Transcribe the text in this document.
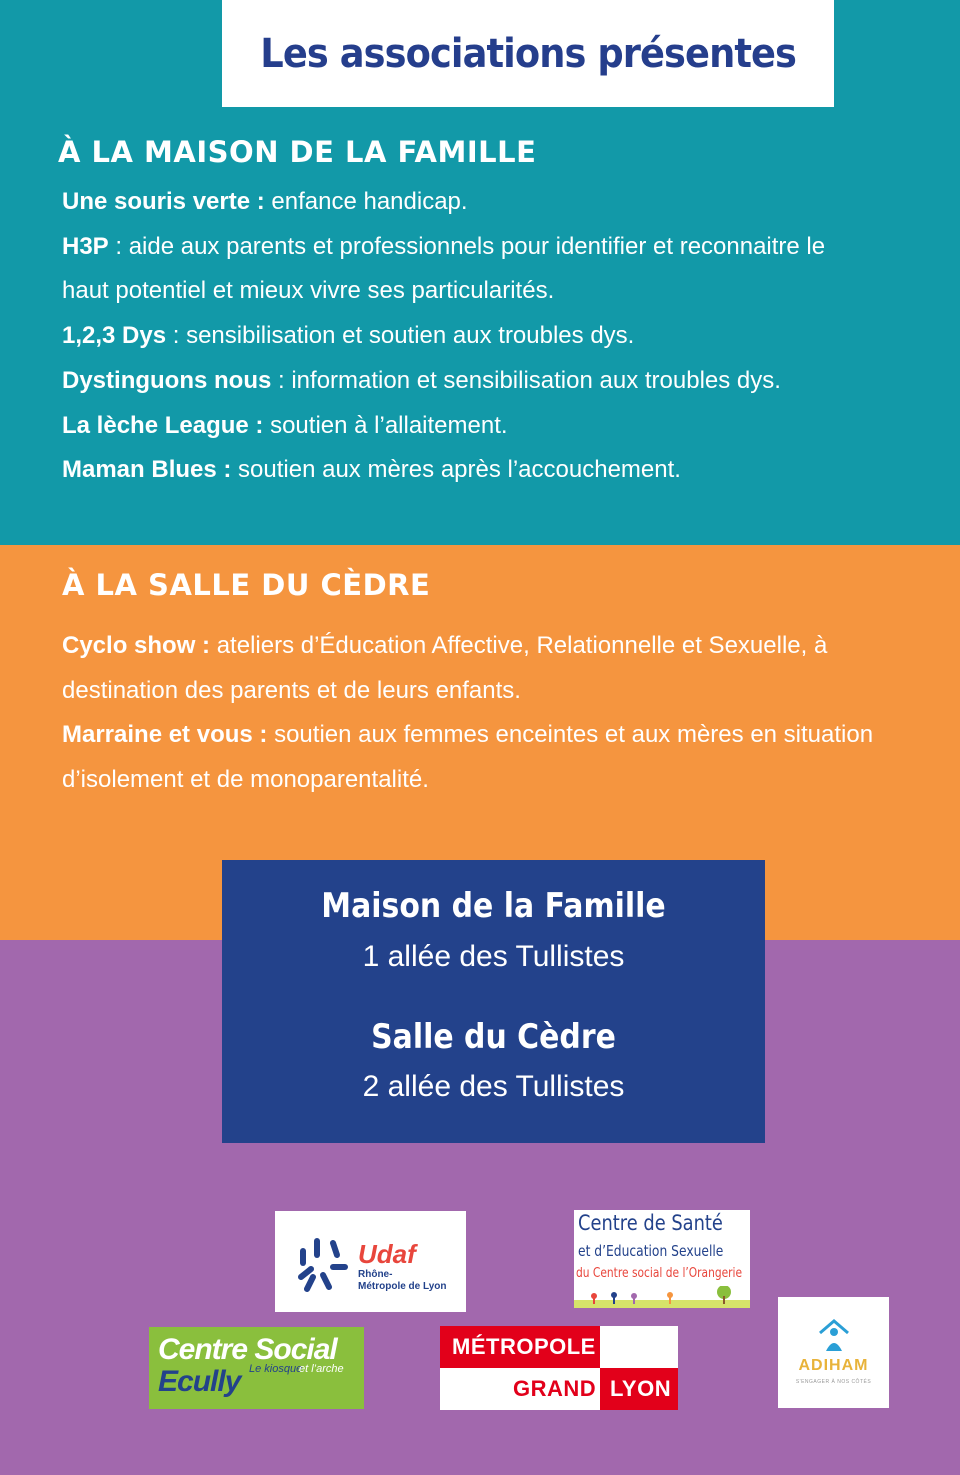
Les associations présentes
À LA MAISON DE LA FAMILLE
Une souris verte : enfance handicap.
H3P : aide aux parents et professionnels pour identifier et reconnaitre le
haut potentiel et mieux vivre ses particularités.
1,2,3 Dys : sensibilisation et soutien aux troubles dys.
Dystinguons nous : information et sensibilisation aux troubles dys.
La lèche League : soutien à l’allaitement.
Maman Blues : soutien aux mères après l’accouchement.
À LA SALLE DU CÈDRE
Cyclo show : ateliers d’Éducation Affective, Relationnelle et Sexuelle, à
destination des parents et de leurs enfants.
Marraine et vous : soutien aux femmes enceintes et aux mères en situation
d’isolement et de monoparentalité.
Maison de la Famille
1 allée des Tullistes
Salle du Cèdre
2 allée des Tullistes
Udaf
Rhône-
Métropole de Lyon
Centre de Santé
et d’Education Sexuelle
du Centre social de l’Orangerie
ADIHAM
S'ENGAGER À NOS CÔTÉS
Centre Social
Ecully Le kiosque
et l’arche
MÉTROPOLE
GRAND LYON
